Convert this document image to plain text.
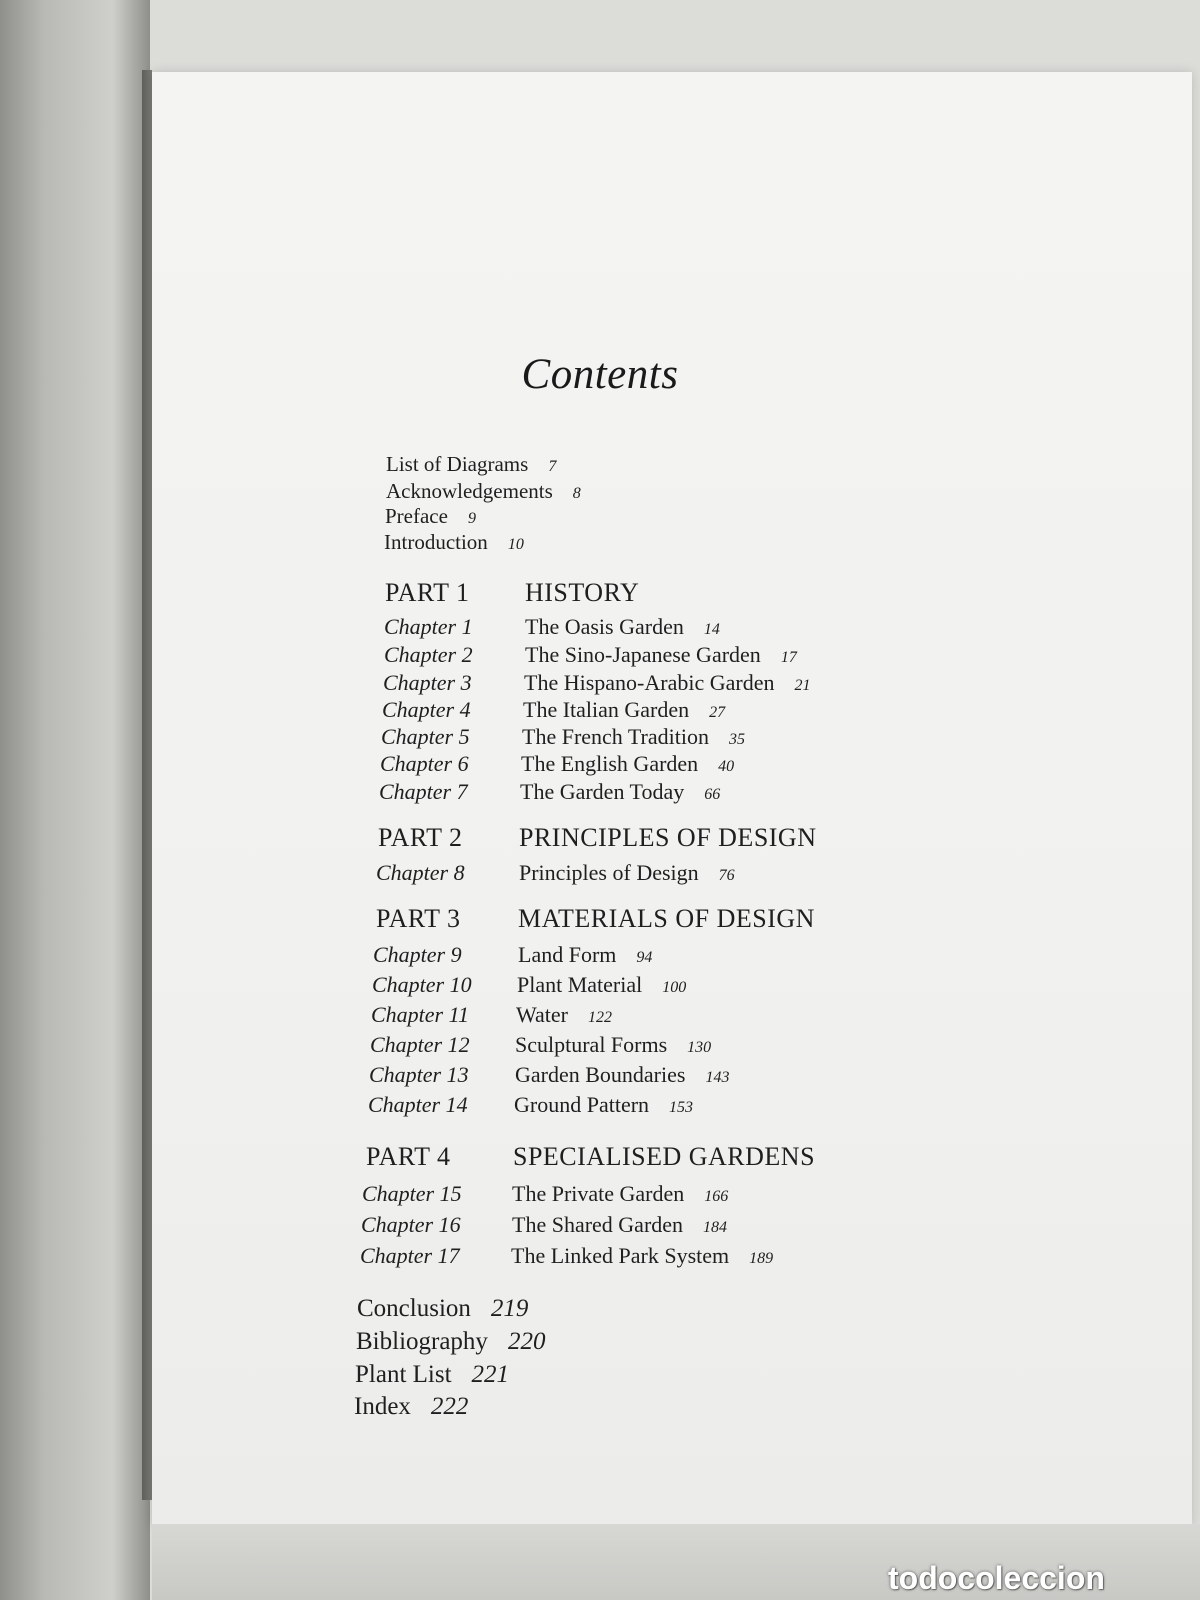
Contents
List of Diagrams 7
Acknowledgements 8
Preface 9
Introduction 10
PART 1 HISTORY
Chapter 1 The Oasis Garden 14
Chapter 2 The Sino-Japanese Garden 17
Chapter 3 The Hispano-Arabic Garden 21
Chapter 4 The Italian Garden 27
Chapter 5 The French Tradition 35
Chapter 6 The English Garden 40
Chapter 7 The Garden Today 66
PART 2 PRINCIPLES OF DESIGN
Chapter 8 Principles of Design 76
PART 3 MATERIALS OF DESIGN
Chapter 9	Land Form 94
Chapter 10 Plant Material 100
Chapter 11 Water 122
Chapter 12 Sculptural Forms 130
Chapter 13 Garden Boundaries 143
Chapter 14 Ground Pattern 153
PART 4 SPECIALISED GARDENS
Chapter 15 The Private Garden 166
Chapter 16 The Shared Garden 184
Chapter 17 The Linked Park System 189
Conclusion 219
Bibliography 220
Plant List 221
Index 222
todocoleccion
